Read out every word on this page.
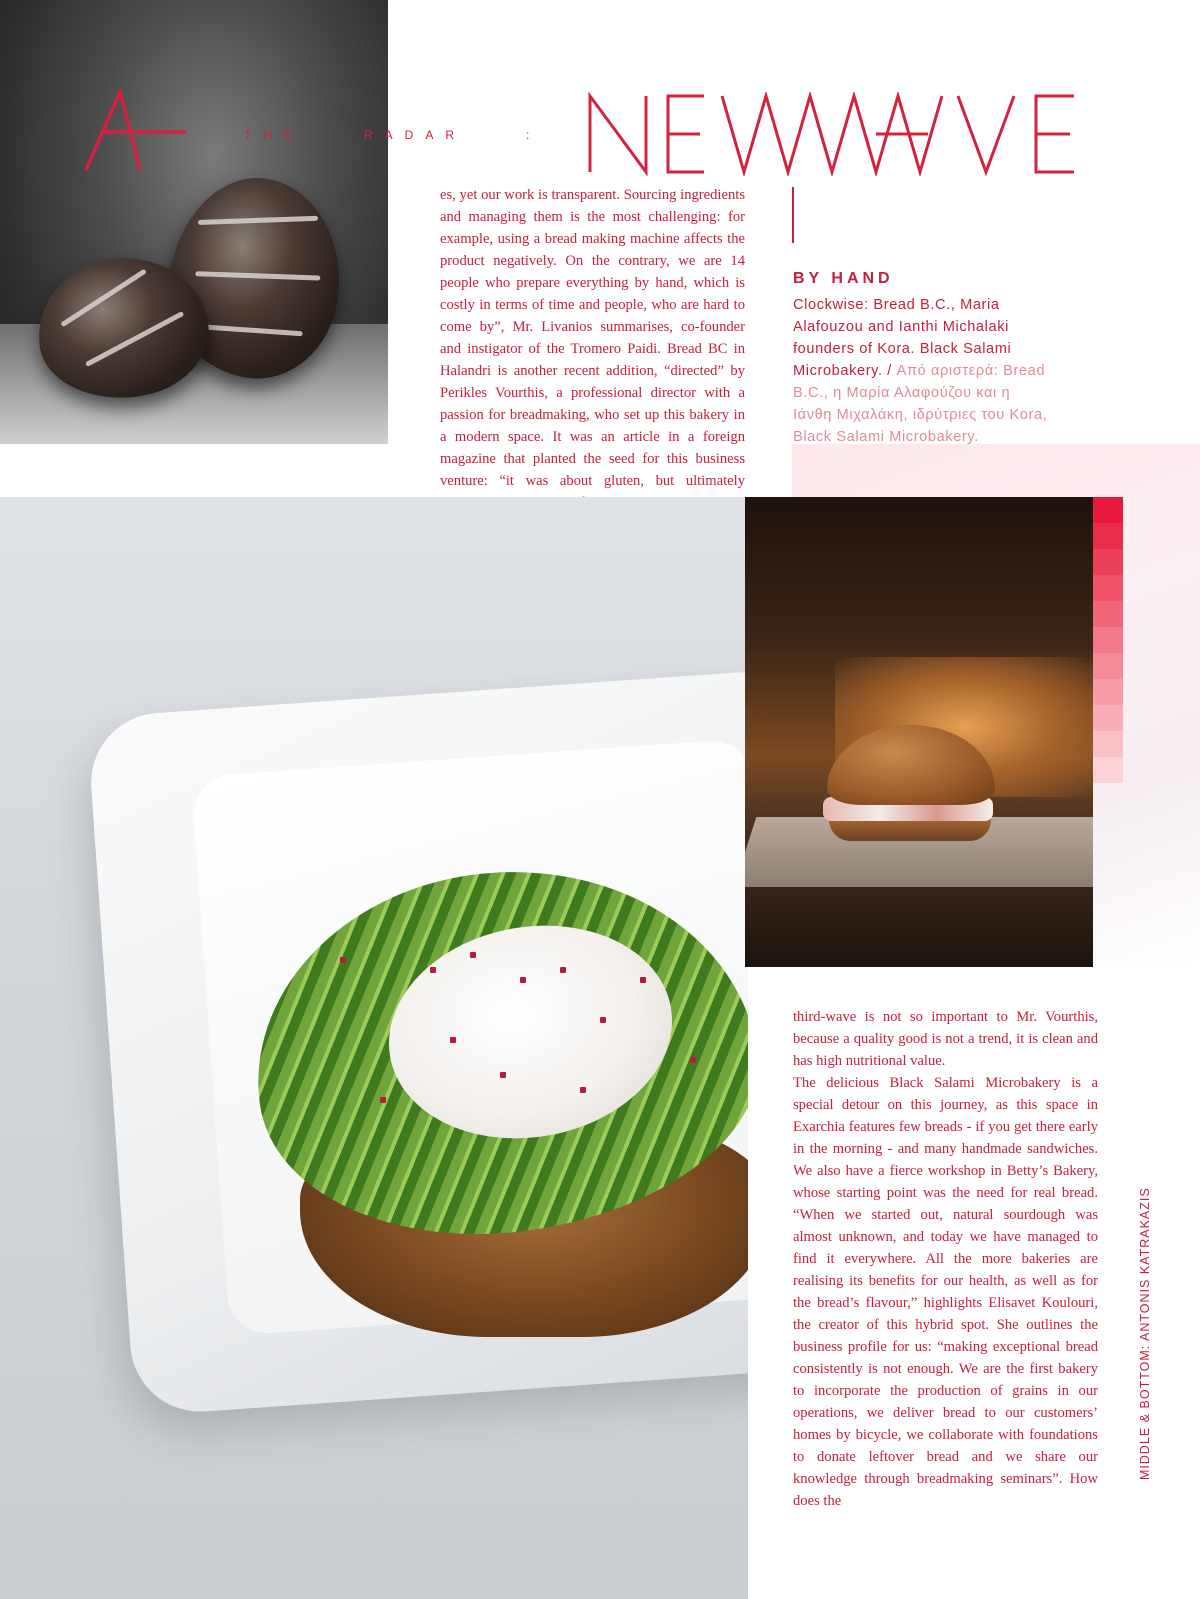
THE	RADAR	:
NEWWAVE
es, yet our work is transparent. Sourcing ingredients and managing them is the most challenging: for example, using a bread making machine affects the product negatively. On the contrary, we are 14 people who prepare everything by hand, which is costly in terms of time and people, who are hard to come by”, Mr. Livanios summarises, co-founder and instigator of the Tromero Paidi. Bread BC in Halandri is another recent addition, “directed” by Perikles Vourthis, a professional director with a passion for breadmaking, who set up this bakery in a modern space. It was an article in a foreign magazine that planted the seed for this business venture: “it was about gluten, but ultimately
BY HAND
Clockwise: Bread B.C., Maria Alafouzou and Ianthi Michalaki founders of Kora. Black Salami Microbakery. / Από αριστερά: Bread B.C., η Μαρία Αλαφούζου και η Ιάνθη Μιχαλάκη, ιδρύτριες του Kora, Black Salami Microbakery.
third-wave is not so important to Mr. Vourthis, because a quality good is not a trend, it is clean and has high nutritional value.
The delicious Black Salami Microbakery is a special detour on this journey, as this space in Exarchia features few breads - if you get there early in the morning - and many handmade sandwiches. We also have a fierce workshop in Betty’s Bakery, whose starting point was the need for real bread. “When we started out, natural sourdough was almost unknown, and today we have managed to find it everywhere. All the more bakeries are realising its benefits for our health, as well as for the bread’s flavour,” highlights Elisavet Koulouri, the creator of this hybrid spot. She outlines the business profile for us: “making exceptional bread consistently is not enough. We are the first bakery to incorporate the production of grains in our operations, we deliver bread to our customers’ homes by bicycle, we collaborate with foundations to donate leftover bread and we share our knowledge through breadmaking seminars”. How does the
MIDDLE & BOTTOM: ANTONIS KATRAKAZIS
